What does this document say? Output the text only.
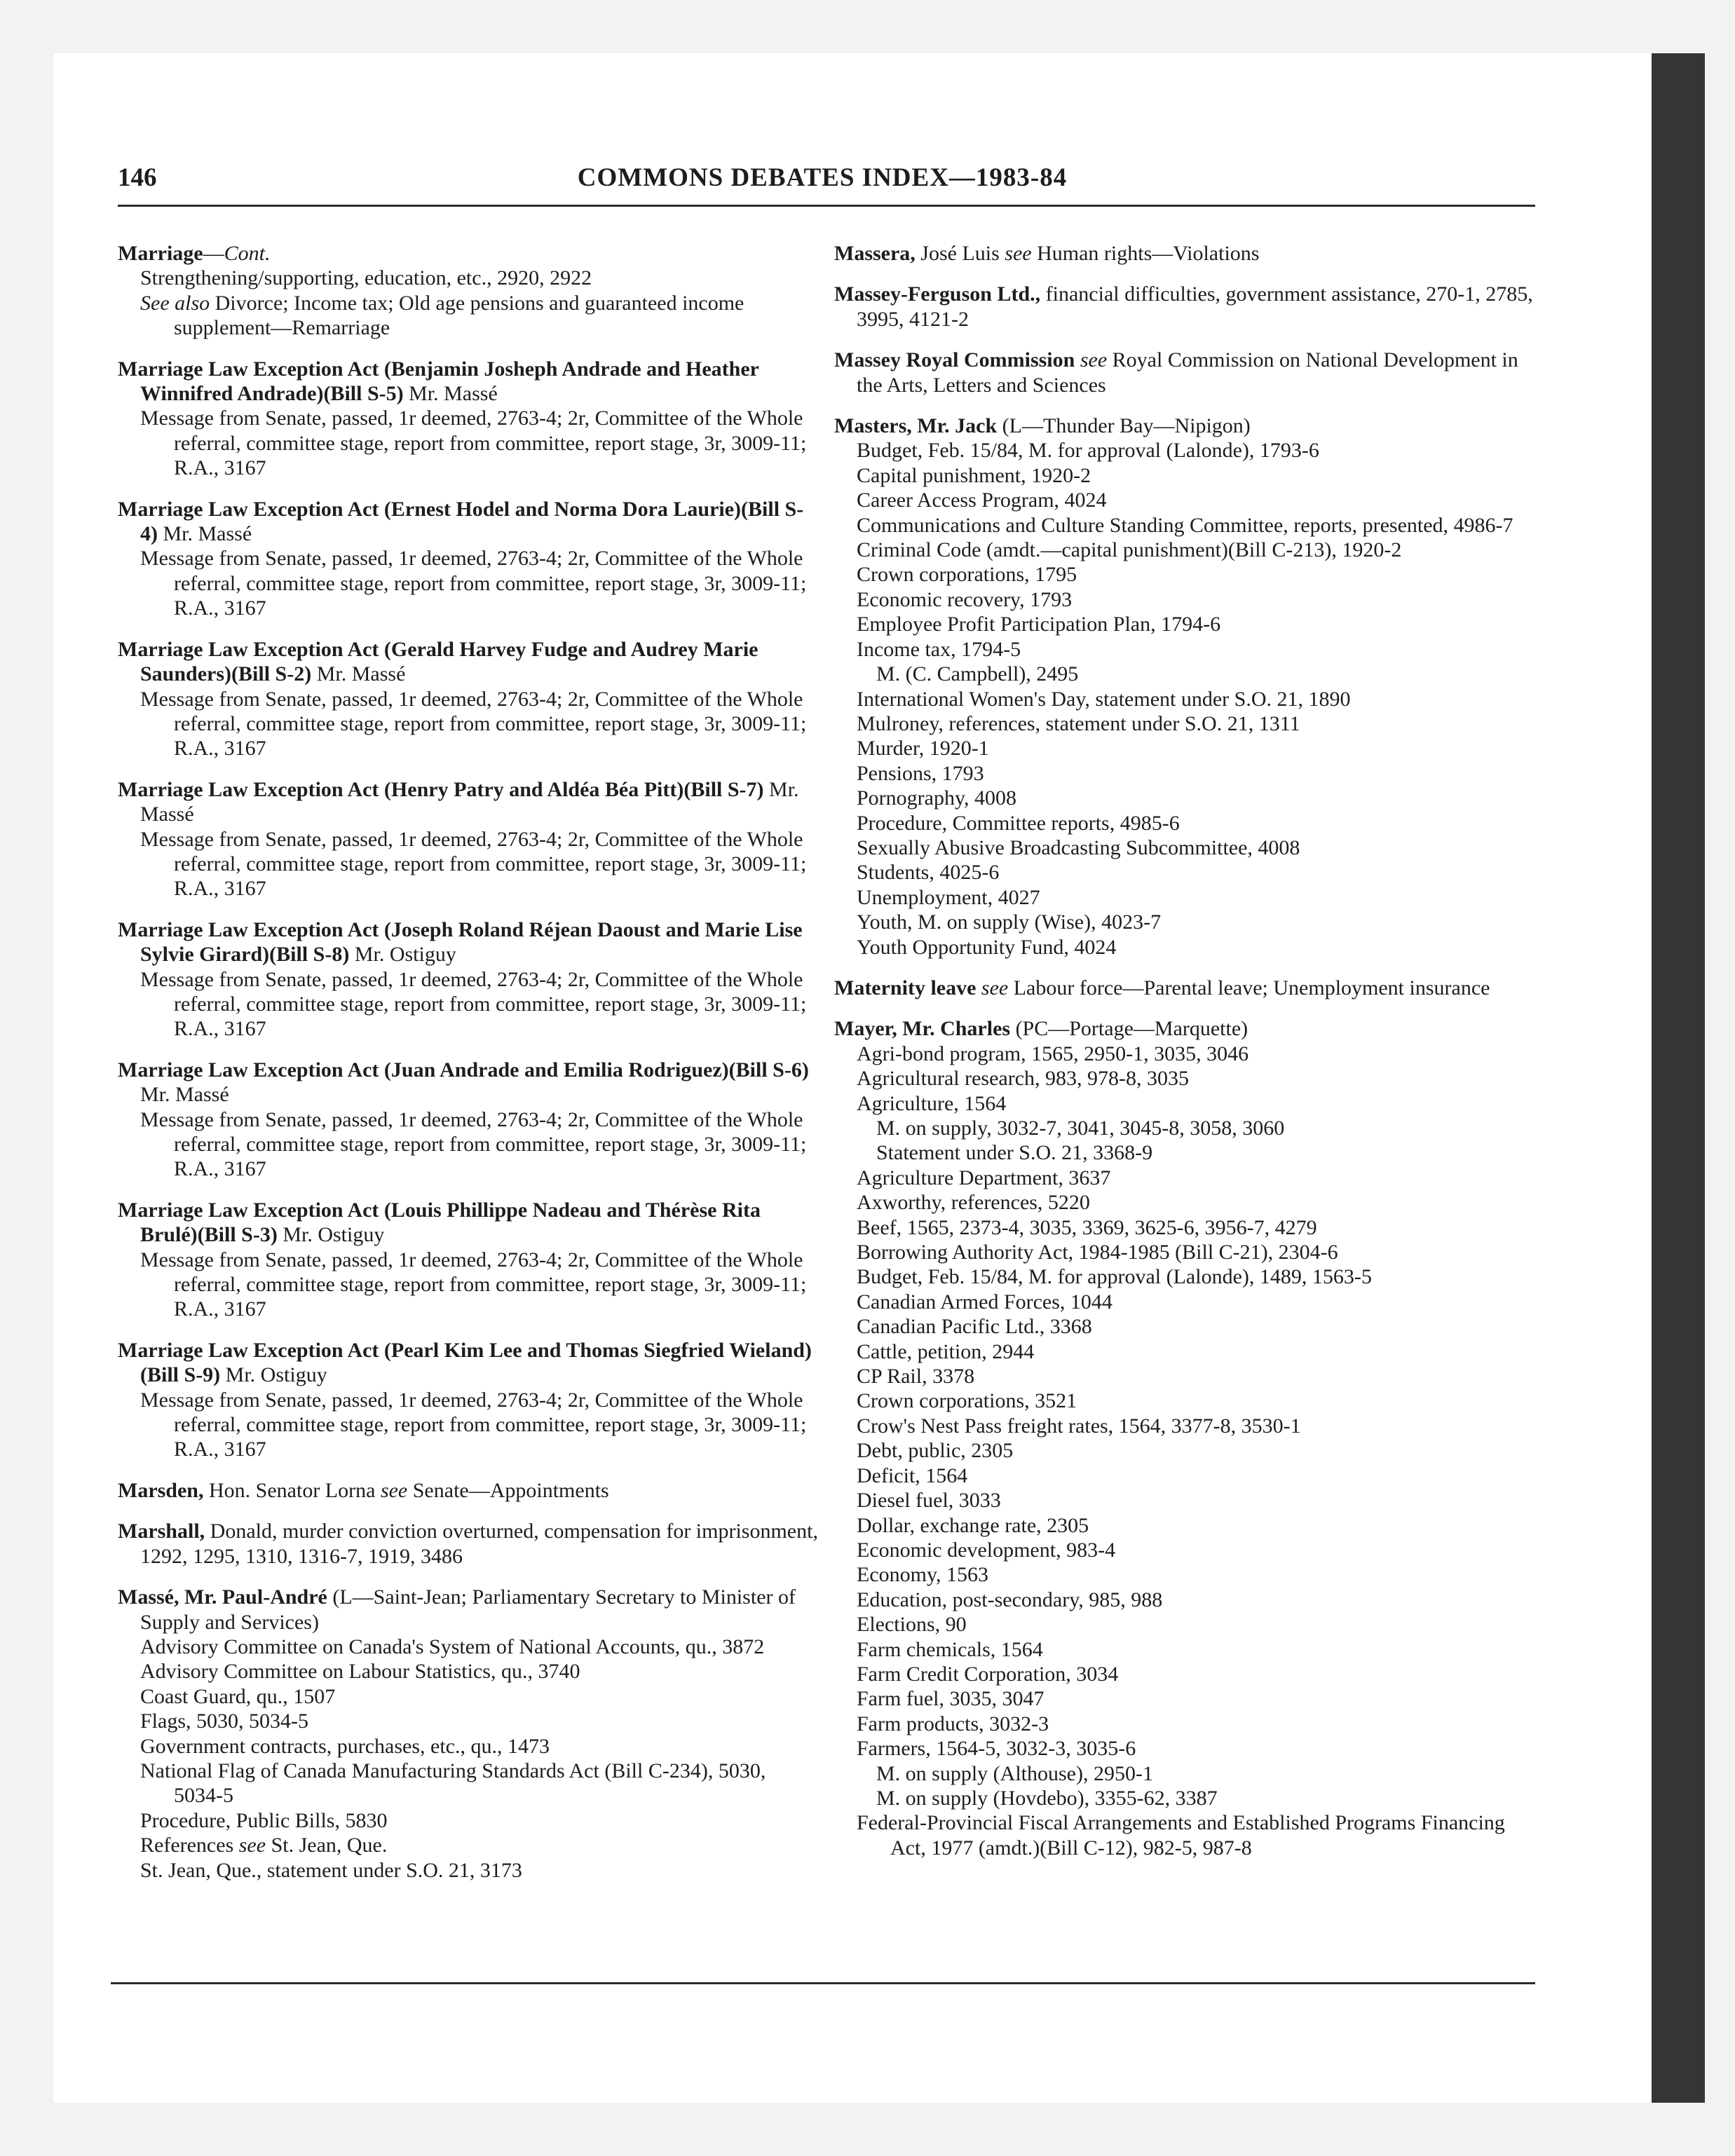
146	COMMONS DEBATES INDEX—1983-84
Marriage—Cont.
Strengthening/supporting, education, etc., 2920, 2922
See also Divorce; Income tax; Old age pensions and guaranteed income supplement—Remarriage
Marriage Law Exception Act (Benjamin Josheph Andrade and Heather Winnifred Andrade)(Bill S-5) Mr. Massé
Message from Senate, passed, 1r deemed, 2763-4; 2r, Committee of the Whole referral, committee stage, report from committee, report stage, 3r, 3009-11; R.A., 3167
Marriage Law Exception Act (Ernest Hodel and Norma Dora Laurie)(Bill S-4) Mr. Massé
Message from Senate, passed, 1r deemed, 2763-4; 2r, Committee of the Whole referral, committee stage, report from committee, report stage, 3r, 3009-11; R.A., 3167
Marriage Law Exception Act (Gerald Harvey Fudge and Audrey Marie Saunders)(Bill S-2) Mr. Massé
Message from Senate, passed, 1r deemed, 2763-4; 2r, Committee of the Whole referral, committee stage, report from committee, report stage, 3r, 3009-11; R.A., 3167
Marriage Law Exception Act (Henry Patry and Aldéa Béa Pitt)(Bill S-7) Mr. Massé
Message from Senate, passed, 1r deemed, 2763-4; 2r, Committee of the Whole referral, committee stage, report from committee, report stage, 3r, 3009-11; R.A., 3167
Marriage Law Exception Act (Joseph Roland Réjean Daoust and Marie Lise Sylvie Girard)(Bill S-8) Mr. Ostiguy
Message from Senate, passed, 1r deemed, 2763-4; 2r, Committee of the Whole referral, committee stage, report from committee, report stage, 3r, 3009-11; R.A., 3167
Marriage Law Exception Act (Juan Andrade and Emilia Rodriguez)(Bill S-6) Mr. Massé
Message from Senate, passed, 1r deemed, 2763-4; 2r, Committee of the Whole referral, committee stage, report from committee, report stage, 3r, 3009-11; R.A., 3167
Marriage Law Exception Act (Louis Phillippe Nadeau and Thérèse Rita Brulé)(Bill S-3) Mr. Ostiguy
Message from Senate, passed, 1r deemed, 2763-4; 2r, Committee of the Whole referral, committee stage, report from committee, report stage, 3r, 3009-11; R.A., 3167
Marriage Law Exception Act (Pearl Kim Lee and Thomas Siegfried Wieland)(Bill S-9) Mr. Ostiguy
Message from Senate, passed, 1r deemed, 2763-4; 2r, Committee of the Whole referral, committee stage, report from committee, report stage, 3r, 3009-11; R.A., 3167
Marsden, Hon. Senator Lorna see Senate—Appointments
Marshall, Donald, murder conviction overturned, compensation for imprisonment, 1292, 1295, 1310, 1316-7, 1919, 3486
Massé, Mr. Paul-André (L—Saint-Jean; Parliamentary Secretary to Minister of Supply and Services)
Advisory Committee on Canada's System of National Accounts, qu., 3872
Advisory Committee on Labour Statistics, qu., 3740
Coast Guard, qu., 1507
Flags, 5030, 5034-5
Government contracts, purchases, etc., qu., 1473
National Flag of Canada Manufacturing Standards Act (Bill C-234), 5030, 5034-5
Procedure, Public Bills, 5830
References see St. Jean, Que.
St. Jean, Que., statement under S.O. 21, 3173
Massera, José Luis see Human rights—Violations
Massey-Ferguson Ltd., financial difficulties, government assistance, 270-1, 2785, 3995, 4121-2
Massey Royal Commission see Royal Commission on National Development in the Arts, Letters and Sciences
Masters, Mr. Jack (L—Thunder Bay—Nipigon)
Budget, Feb. 15/84, M. for approval (Lalonde), 1793-6
Capital punishment, 1920-2
Career Access Program, 4024
Communications and Culture Standing Committee, reports, presented, 4986-7
Criminal Code (amdt.—capital punishment)(Bill C-213), 1920-2
Crown corporations, 1795
Economic recovery, 1793
Employee Profit Participation Plan, 1794-6
Income tax, 1794-5
M. (C. Campbell), 2495
International Women's Day, statement under S.O. 21, 1890
Mulroney, references, statement under S.O. 21, 1311
Murder, 1920-1
Pensions, 1793
Pornography, 4008
Procedure, Committee reports, 4985-6
Sexually Abusive Broadcasting Subcommittee, 4008
Students, 4025-6
Unemployment, 4027
Youth, M. on supply (Wise), 4023-7
Youth Opportunity Fund, 4024
Maternity leave see Labour force—Parental leave; Unemployment insurance
Mayer, Mr. Charles (PC—Portage—Marquette)
Agri-bond program, 1565, 2950-1, 3035, 3046
Agricultural research, 983, 978-8, 3035
Agriculture, 1564
M. on supply, 3032-7, 3041, 3045-8, 3058, 3060
Statement under S.O. 21, 3368-9
Agriculture Department, 3637
Axworthy, references, 5220
Beef, 1565, 2373-4, 3035, 3369, 3625-6, 3956-7, 4279
Borrowing Authority Act, 1984-1985 (Bill C-21), 2304-6
Budget, Feb. 15/84, M. for approval (Lalonde), 1489, 1563-5
Canadian Armed Forces, 1044
Canadian Pacific Ltd., 3368
Cattle, petition, 2944
CP Rail, 3378
Crown corporations, 3521
Crow's Nest Pass freight rates, 1564, 3377-8, 3530-1
Debt, public, 2305
Deficit, 1564
Diesel fuel, 3033
Dollar, exchange rate, 2305
Economic development, 983-4
Economy, 1563
Education, post-secondary, 985, 988
Elections, 90
Farm chemicals, 1564
Farm Credit Corporation, 3034
Farm fuel, 3035, 3047
Farm products, 3032-3
Farmers, 1564-5, 3032-3, 3035-6
M. on supply (Althouse), 2950-1
M. on supply (Hovdebo), 3355-62, 3387
Federal-Provincial Fiscal Arrangements and Established Programs Financing Act, 1977 (amdt.)(Bill C-12), 982-5, 987-8
